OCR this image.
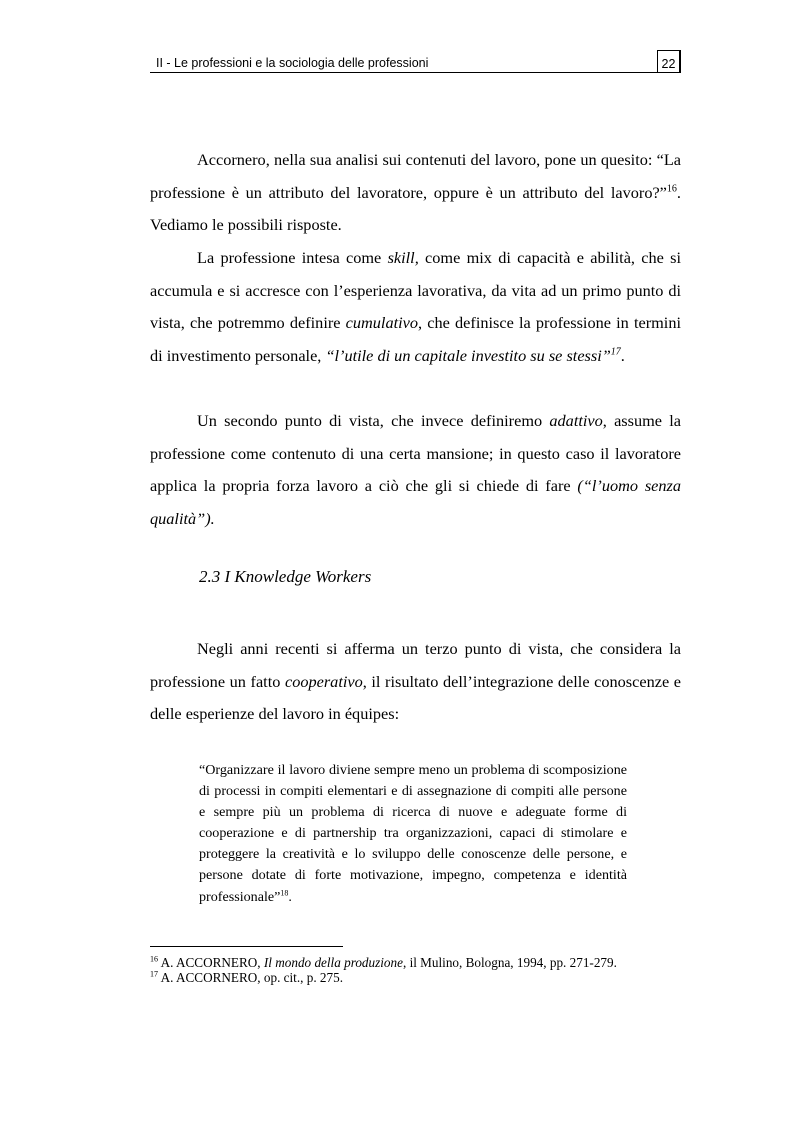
II - Le professioni e la sociologia delle professioni	22

Accornero, nella sua analisi sui contenuti del lavoro, pone un quesito: “La professione è un attributo del lavoratore, oppure è un attributo del lavoro?”$^{16}$. Vediamo le possibili risposte.

La professione intesa come skill, come mix di capacità e abilità, che si accumula e si accresce con l’esperienza lavorativa, da vita ad un primo punto di vista, che potremmo definire cumulativo, che definisce la professione in termini di investimento personale, “l’utile di un capitale investito su se stessi”$^{17}$.

Un secondo punto di vista, che invece definiremo adattivo, assume la professione come contenuto di una certa mansione; in questo caso il lavoratore applica la propria forza lavoro a ciò che gli si chiede di fare (“l’uomo senza qualità”).

2.3 I Knowledge Workers

Negli anni recenti si afferma un terzo punto di vista, che considera la professione un fatto cooperativo, il risultato dell’integrazione delle conoscenze e delle esperienze del lavoro in équipes:

“Organizzare il lavoro diviene sempre meno un problema di scomposizione di processi in compiti elementari e di assegnazione di compiti alle persone e sempre più un problema di ricerca di nuove e adeguate forme di cooperazione e di partnership tra organizzazioni, capaci di stimolare e proteggere la creatività e lo sviluppo delle conoscenze delle persone, e persone dotate di forte motivazione, impegno, competenza e identità professionale”$^{18}$.

$^{16}$ A. ACCORNERO, Il mondo della produzione, il Mulino, Bologna, 1994, pp. 271-279.
$^{17}$ A. ACCORNERO, op. cit., p. 275.
